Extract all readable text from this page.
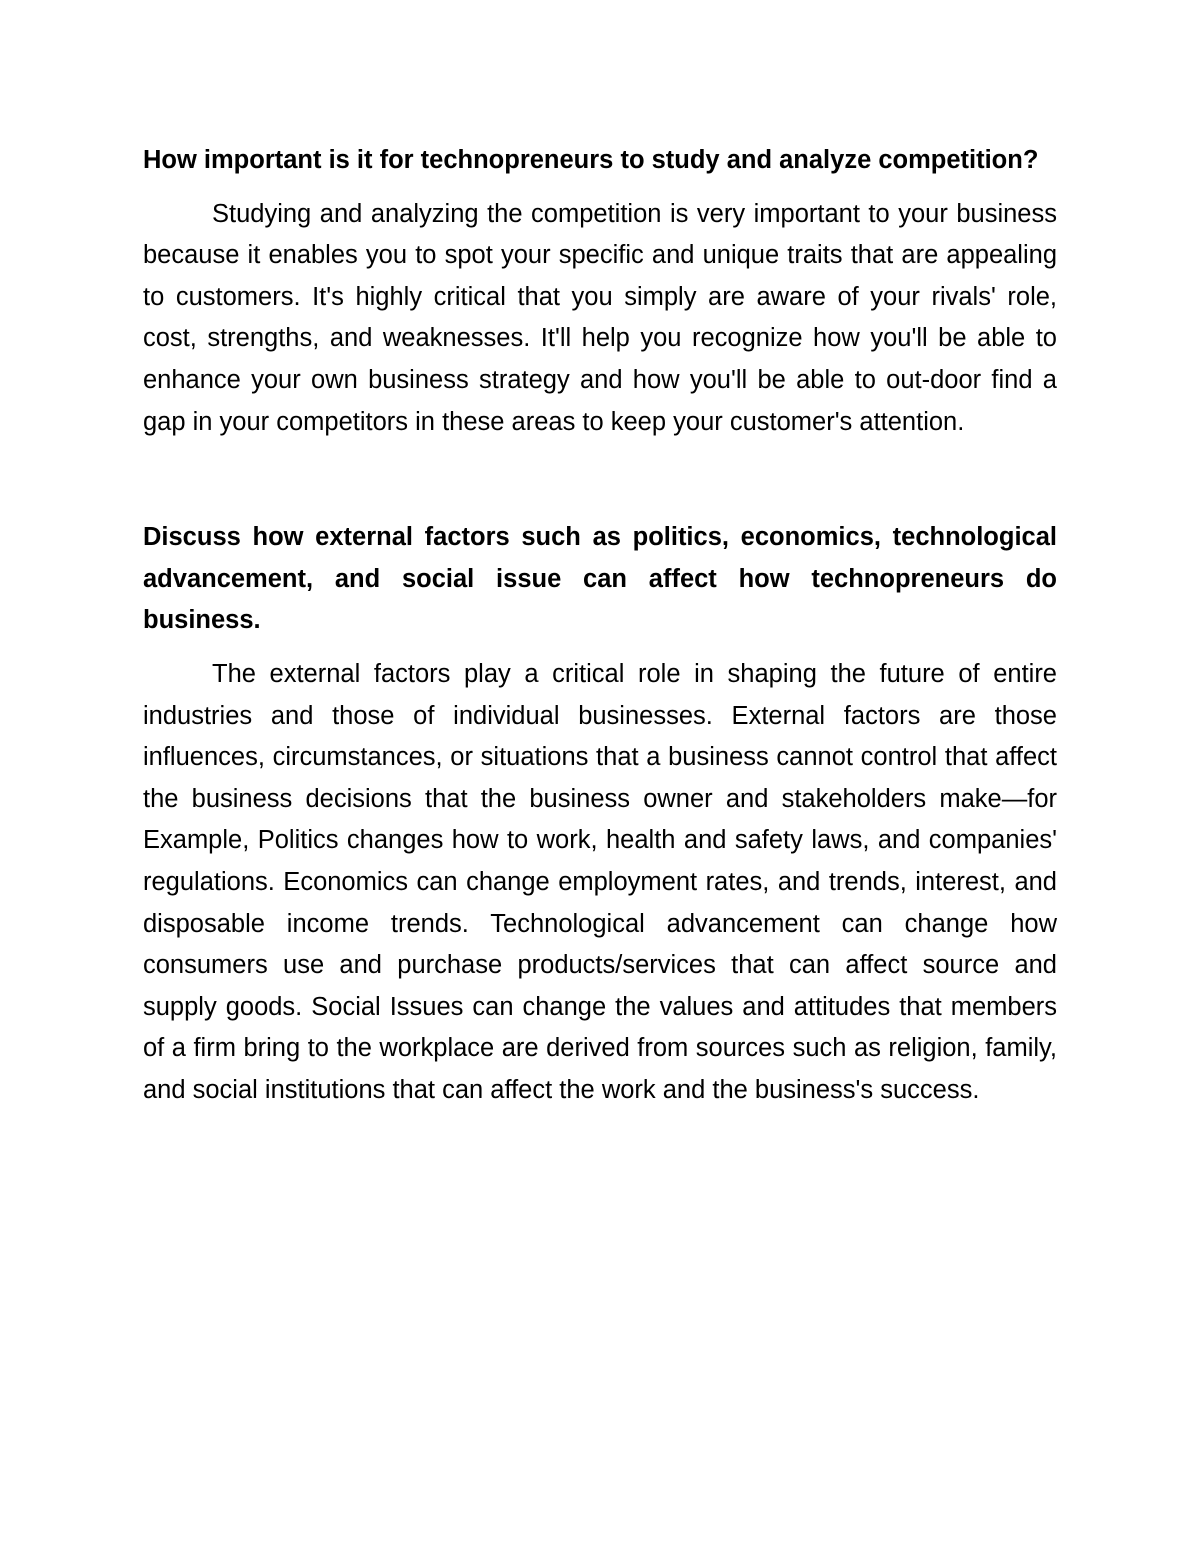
How important is it for technopreneurs to study and analyze competition?

Studying and analyzing the competition is very important to your business because it enables you to spot your specific and unique traits that are appealing to customers. It's highly critical that you simply are aware of your rivals' role, cost, strengths, and weaknesses. It'll help you recognize how you'll be able to enhance your own business strategy and how you'll be able to out-door find a gap in your competitors in these areas to keep your customer's attention.

Discuss how external factors such as politics, economics, technological advancement, and social issue can affect how technopreneurs do business.

The external factors play a critical role in shaping the future of entire industries and those of individual businesses. External factors are those influences, circumstances, or situations that a business cannot control that affect the business decisions that the business owner and stakeholders make—for Example, Politics changes how to work, health and safety laws, and companies' regulations. Economics can change employment rates, and trends, interest, and disposable income trends. Technological advancement can change how consumers use and purchase products/services that can affect source and supply goods. Social Issues can change the values and attitudes that members of a firm bring to the workplace are derived from sources such as religion, family, and social institutions that can affect the work and the business's success.
